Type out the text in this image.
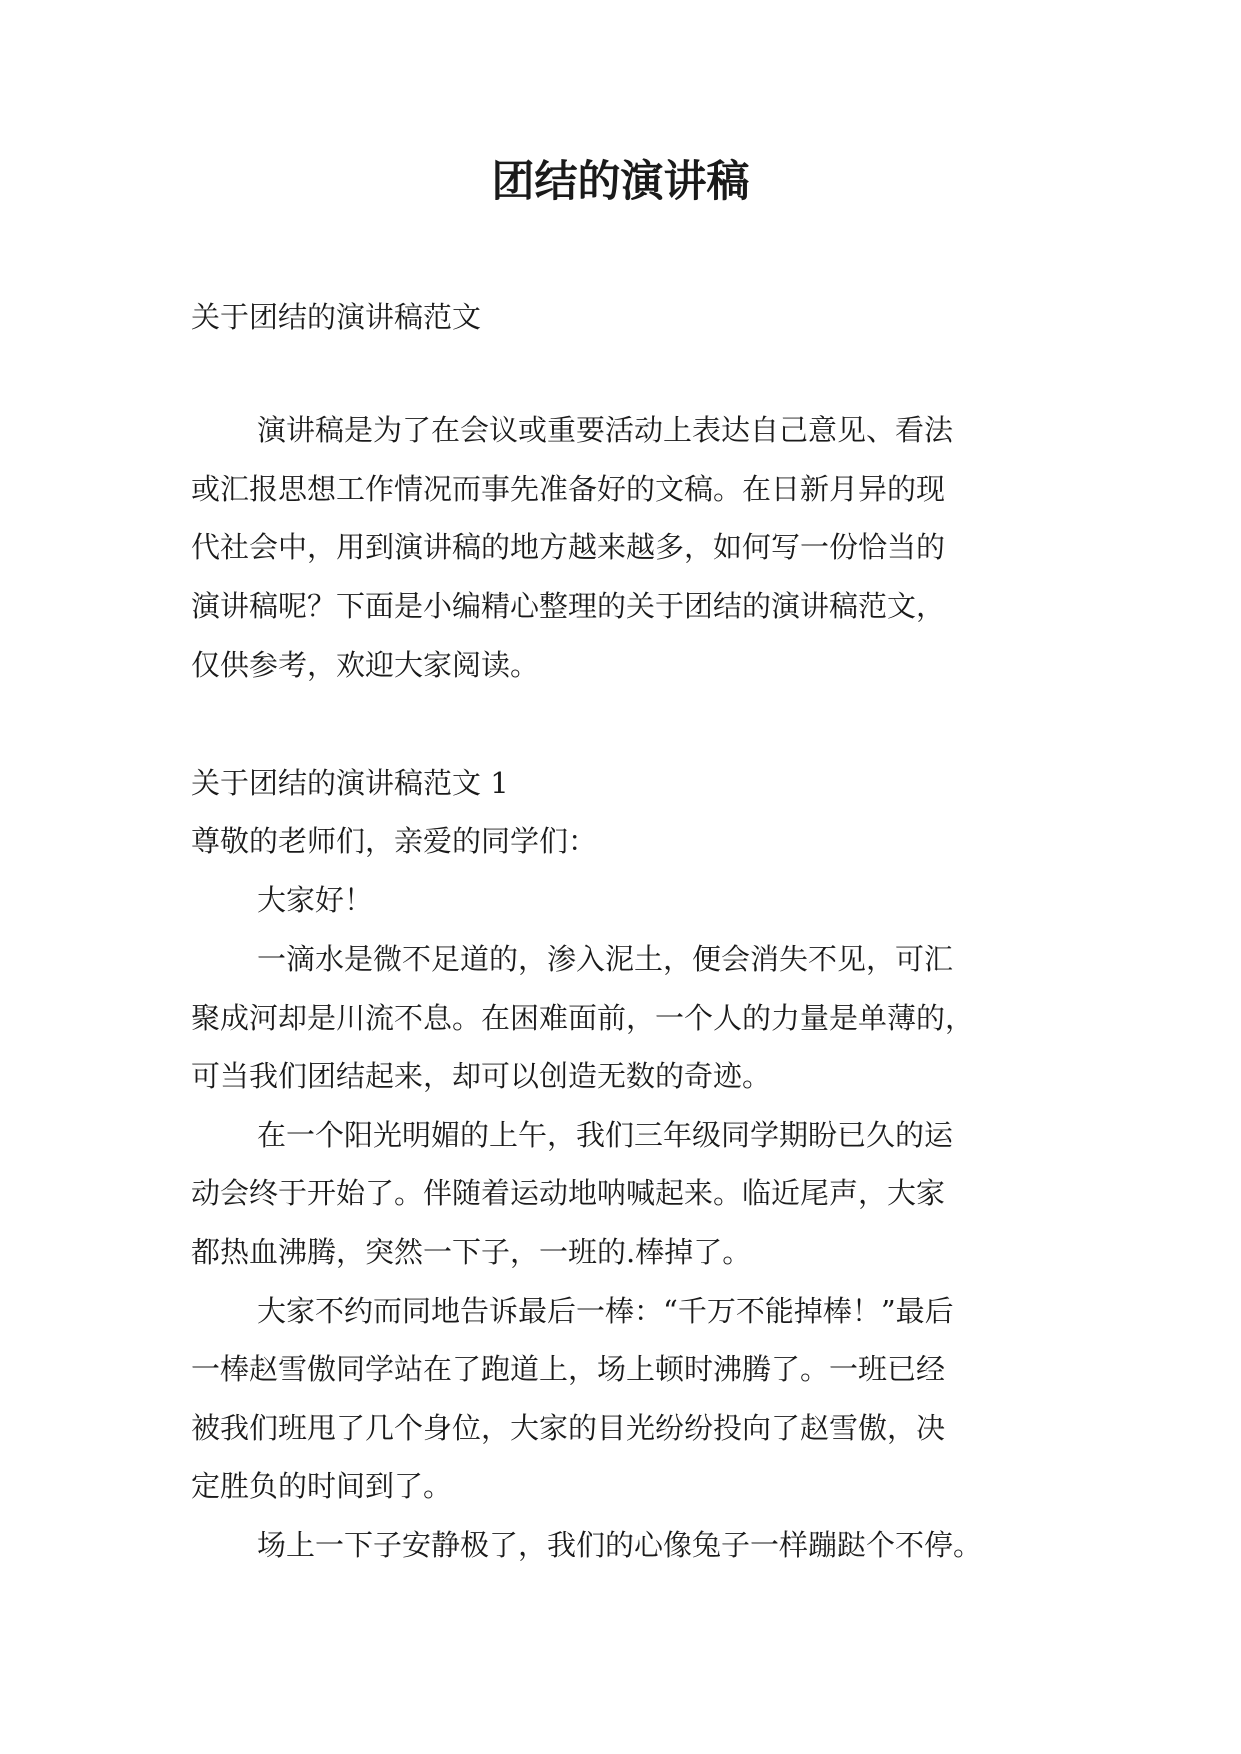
团结的演讲稿

关于团结的演讲稿范文

演讲稿是为了在会议或重要活动上表达自己意见、看法

或汇报思想工作情况而事先准备好的文稿。在日新月异的现

代社会中，用到演讲稿的地方越来越多，如何写一份恰当的

演讲稿呢？下面是小编精心整理的关于团结的演讲稿范文，

仅供参考，欢迎大家阅读。

关于团结的演讲稿范文 1

尊敬的老师们，亲爱的同学们：

大家好！

一滴水是微不足道的，渗入泥土，便会消失不见，可汇

聚成河却是川流不息。在困难面前，一个人的力量是单薄的，

可当我们团结起来，却可以创造无数的奇迹。

在一个阳光明媚的上午，我们三年级同学期盼已久的运

动会终于开始了。伴随着运动地呐喊起来。临近尾声，大家

都热血沸腾，突然一下子，一班的.棒掉了。

大家不约而同地告诉最后一棒：“千万不能掉棒！”最后

一棒赵雪傲同学站在了跑道上，场上顿时沸腾了。一班已经

被我们班甩了几个身位，大家的目光纷纷投向了赵雪傲，决

定胜负的时间到了。

场上一下子安静极了，我们的心像兔子一样蹦跶个不停。
